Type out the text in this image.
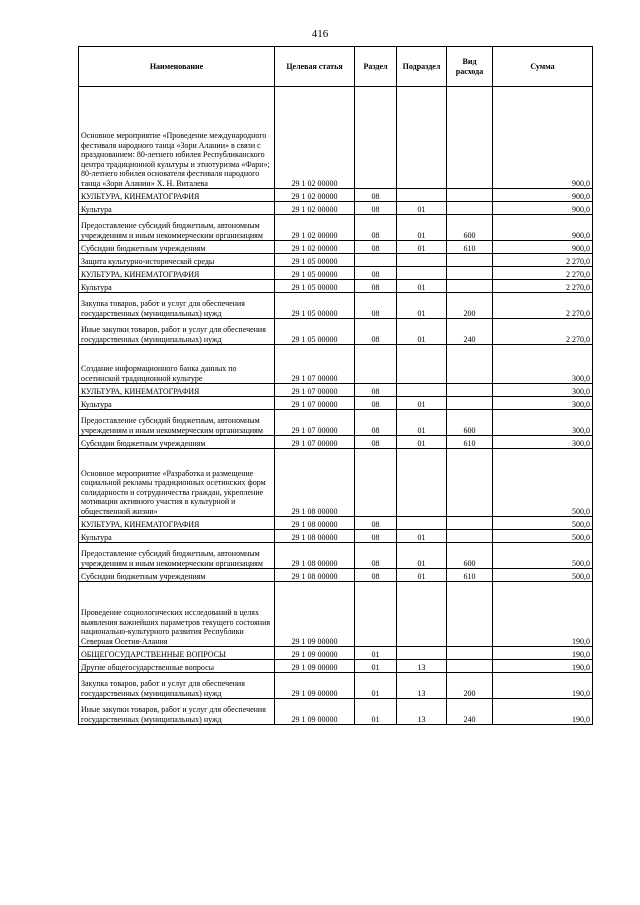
416
Наименование	Целевая статья	Раздел	Подраздел	Вид расхода	Сумма
Основное мероприятие «Проведение международного фестиваля народного танца «Зори Алании» в связи с празднованием: 80-летнего юбилея Республиканского центра традиционной культуры и этнотуризма «Фарн»; 80-летнего юбилея основателя фестиваля народного танца «Зори Алании» Х. Н. Виталева	29 1 02 00000				900,0
КУЛЬТУРА, КИНЕМАТОГРАФИЯ	29 1 02 00000	08			900,0
Культура	29 1 02 00000	08	01		900,0
Предоставление субсидий бюджетным, автономным учреждениям и иным некоммерческим организациям	29 1 02 00000	08	01	600	900,0
Субсидии бюджетным учреждениям	29 1 02 00000	08	01	610	900,0
Защита культурно-исторической среды	29 1 05 00000				2 270,0
КУЛЬТУРА, КИНЕМАТОГРАФИЯ	29 1 05 00000	08			2 270,0
Культура	29 1 05 00000	08	01		2 270,0
Закупка товаров, работ и услуг для обеспечения государственных (муниципальных) нужд	29 1 05 00000	08	01	200	2 270,0
Иные закупки товаров, работ и услуг для обеспечения государственных (муниципальных) нужд	29 1 05 00000	08	01	240	2 270,0
Создание информационного банка данных по осетинской традиционной культуре	29 1 07 00000				300,0
КУЛЬТУРА, КИНЕМАТОГРАФИЯ	29 1 07 00000	08			300,0
Культура	29 1 07 00000	08	01		300,0
Предоставление субсидий бюджетным, автономным учреждениям и иным некоммерческим организациям	29 1 07 00000	08	01	600	300,0
Субсидии бюджетным учреждениям	29 1 07 00000	08	01	610	300,0
Основное мероприятие «Разработка и размещение социальной рекламы традиционных осетинских форм солидарности и сотрудничества граждан, укрепление мотивации активного участия в культурной и общественной жизни»	29 1 08 00000				500,0
КУЛЬТУРА, КИНЕМАТОГРАФИЯ	29 1 08 00000	08			500,0
Культура	29 1 08 00000	08	01		500,0
Предоставление субсидий бюджетным, автономным учреждениям и иным некоммерческим организациям	29 1 08 00000	08	01	600	500,0
Субсидии бюджетным учреждениям	29 1 08 00000	08	01	610	500,0
Проведение социологических исследований в целях выявления важнейших параметров текущего состояния национально-культурного развития Республики Северная Осетия-Алания	29 1 09 00000				190,0
ОБЩЕГОСУДАРСТВЕННЫЕ ВОПРОСЫ	29 1 09 00000	01			190,0
Другие общегосударственные вопросы	29 1 09 00000	01	13		190,0
Закупка товаров, работ и услуг для обеспечения государственных (муниципальных) нужд	29 1 09 00000	01	13	200	190,0
Иные закупки товаров, работ и услуг для обеспечения государственных (муниципальных) нужд	29 1 09 00000	01	13	240	190,0
